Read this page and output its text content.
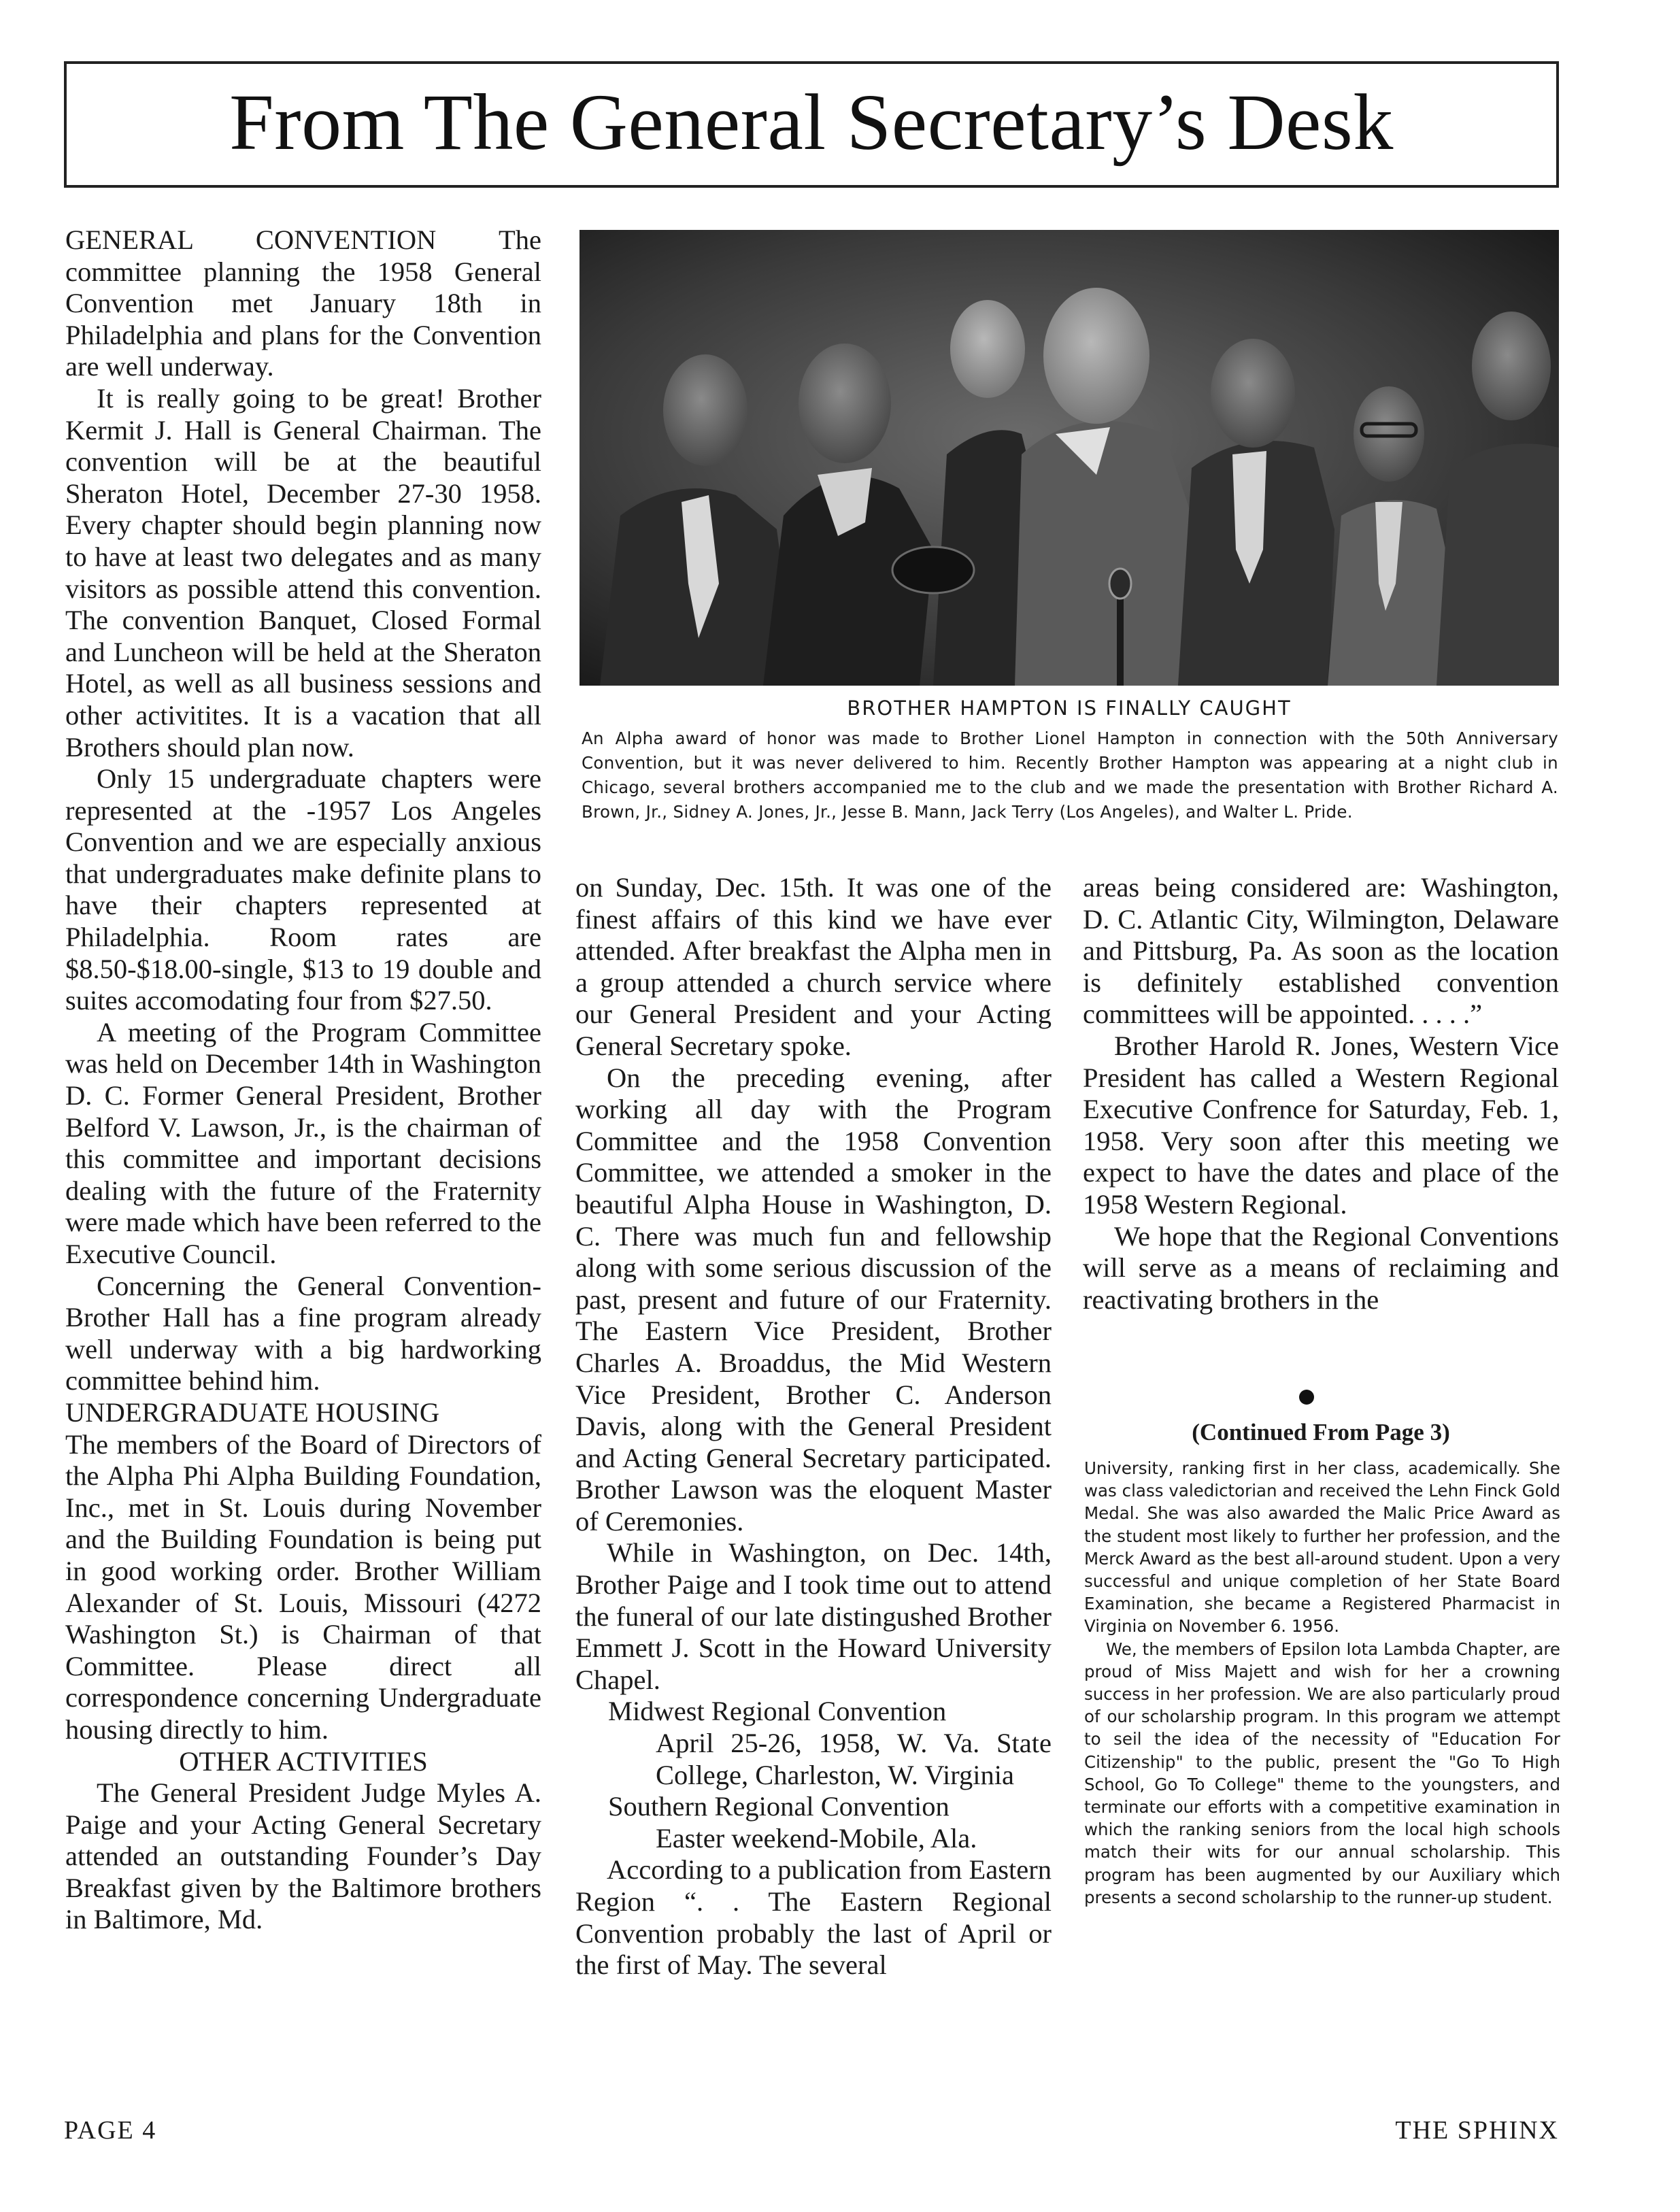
From The General Secretary’s Desk

GENERAL CONVENTION The committee planning the 1958 General Convention met January 18th in Philadelphia and plans for the Convention are well underway.

It is really going to be great! Brother Kermit J. Hall is General Chairman. The convention will be at the beautiful Sheraton Hotel, December 27-30 1958. Every chapter should begin planning now to have at least two delegates and as many visitors as possible attend this convention. The convention Banquet, Closed Formal and Luncheon will be held at the Sheraton Hotel, as well as all business sessions and other activitites. It is a vacation that all Brothers should plan now.

Only 15 undergraduate chapters were represented at the -1957 Los Angeles Convention and we are especially anxious that undergraduates make definite plans to have their chapters represented at Philadelphia. Room rates are $8.50-$18.00-single, $13 to 19 double and suites accomodating four from $27.50.

A meeting of the Program Committee was held on December 14th in Washington D. C. Former General President, Brother Belford V. Lawson, Jr., is the chairman of this committee and important decisions dealing with the future of the Fraternity were made which have been referred to the Executive Council.

Concerning the General Convention-Brother Hall has a fine program already well underway with a big hardworking committee behind him.

UNDERGRADUATE HOUSING

The members of the Board of Directors of the Alpha Phi Alpha Building Foundation, Inc., met in St. Louis during November and the Building Foundation is being put in good working order. Brother William Alexander of St. Louis, Missouri (4272 Washington St.) is Chairman of that Committee. Please direct all correspondence concerning Undergraduate housing directly to him.

OTHER ACTIVITIES

The General President Judge Myles A. Paige and your Acting General Secretary attended an outstanding Founder’s Day Breakfast given by the Baltimore brothers in Baltimore, Md.

BROTHER HAMPTON IS FINALLY CAUGHT
An Alpha award of honor was made to Brother Lionel Hampton in connection with the 50th Anniversary Convention, but it was never delivered to him. Recently Brother Hampton was appearing at a night club in Chicago, several brothers accompanied me to the club and we made the presentation with Brother Richard A. Brown, Jr., Sidney A. Jones, Jr., Jesse B. Mann, Jack Terry (Los Angeles), and Walter L. Pride.

on Sunday, Dec. 15th. It was one of the finest affairs of this kind we have ever attended. After breakfast the Alpha men in a group attended a church service where our General President and your Acting General Secretary spoke.

On the preceding evening, after working all day with the Program Committee and the 1958 Convention Committee, we attended a smoker in the beautiful Alpha House in Washington, D. C. There was much fun and fellowship along with some serious discussion of the past, present and future of our Fraternity. The Eastern Vice President, Brother Charles A. Broaddus, the Mid Western Vice President, Brother C. Anderson Davis, along with the General President and Acting General Secretary participated. Brother Lawson was the eloquent Master of Ceremonies.

While in Washington, on Dec. 14th, Brother Paige and I took time out to attend the funeral of our late distingushed Brother Emmett J. Scott in the Howard University Chapel.

Midwest Regional Convention

April 25-26, 1958, W. Va. State College, Charleston, W. Virginia

Southern Regional Convention

Easter weekend-Mobile, Ala.

According to a publication from Eastern Region “. . The Eastern Regional Convention probably the last of April or the first of May. The several

areas being considered are: Washington, D. C. Atlantic City, Wilmington, Delaware and Pittsburg, Pa. As soon as the location is definitely established convention committees will be appointed. . . . .”

Brother Harold R. Jones, Western Vice President has called a Western Regional Executive Confrence for Saturday, Feb. 1, 1958. Very soon after this meeting we expect to have the dates and place of the 1958 Western Regional.

We hope that the Regional Conventions will serve as a means of reclaiming and reactivating brothers in the

(Continued From Page 3)

University, ranking first in her class, academically. She was class valedictorian and received the Lehn Finck Gold Medal. She was also awarded the Malic Price Award as the student most likely to further her profession, and the Merck Award as the best all-around student. Upon a very successful and unique completion of her State Board Examination, she became a Registered Pharmacist in Virginia on November 6. 1956.

We, the members of Epsilon Iota Lambda Chapter, are proud of Miss Majett and wish for her a crowning success in her profession. We are also particularly proud of our scholarship program. In this program we attempt to seil the idea of the necessity of "Education For Citizenship" to the public, present the "Go To High School, Go To College" theme to the youngsters, and terminate our efforts with a competitive examination in which the ranking seniors from the local high schools match their wits for our annual scholarship. This program has been augmented by our Auxiliary which presents a second scholarship to the runner-up student.

PAGE 4	THE SPHINX
